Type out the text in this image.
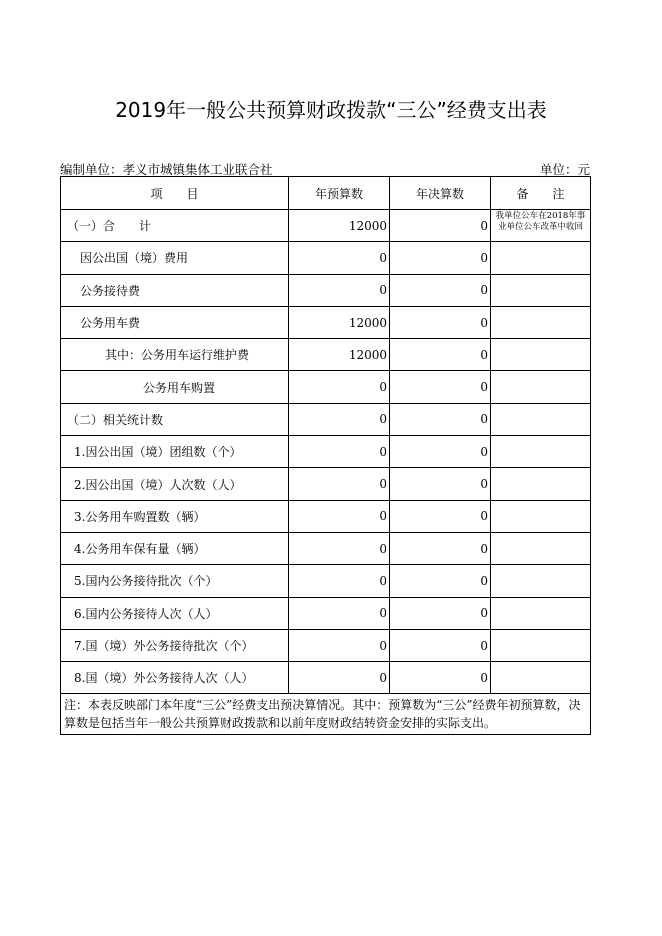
2019年一般公共预算财政拨款“三公”经费支出表
编制单位：孝义市城镇集体工业联合社	单位：元
项　　目	年预算数	年决算数	备　　注
（一）合　　计	12000	0	我单位公车在2018年事业单位公车改革中收回
因公出国（境）费用	0	0	
公务接待费	0	0	
公务用车费	12000	0	
其中：公务用车运行维护费	12000	0	
公务用车购置	0	0	
（二）相关统计数	0	0	
1.因公出国（境）团组数（个）	0	0	
2.因公出国（境）人次数（人）	0	0	
3.公务用车购置数（辆）	0	0	
4.公务用车保有量（辆）	0	0	
5.国内公务接待批次（个）	0	0	
6.国内公务接待人次（人）	0	0	
7.国（境）外公务接待批次（个）	0	0	
8.国（境）外公务接待人次（人）	0	0	
注：本表反映部门本年度“三公”经费支出预决算情况。其中：预算数为“三公”经费年初预算数，决算数是包括当年一般公共预算财政拨款和以前年度财政结转资金安排的实际支出。			
